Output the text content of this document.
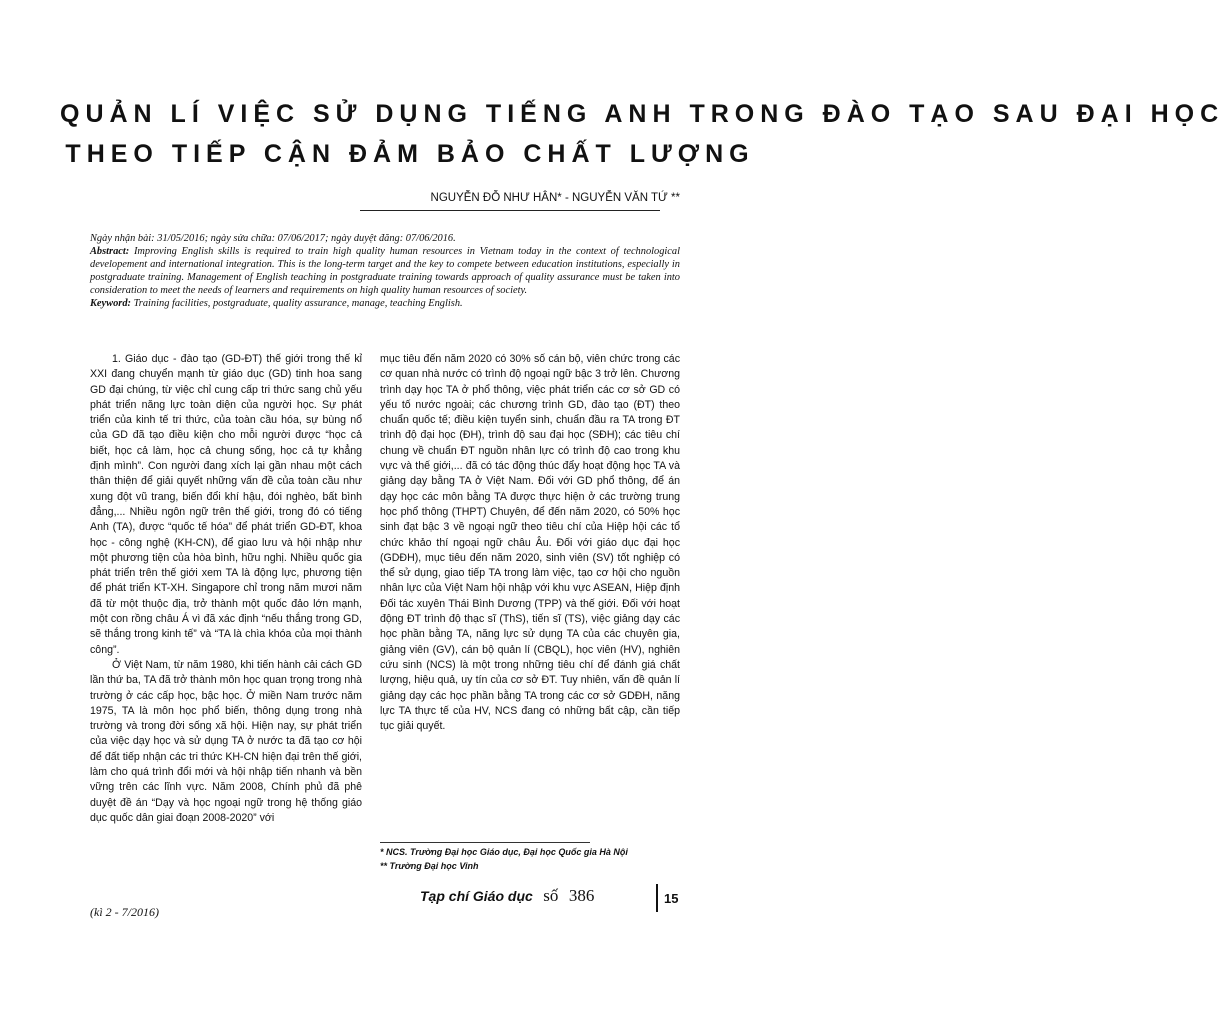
QUẢN LÍ VIỆC SỬ DỤNG TIẾNG ANH TRONG ĐÀO TẠO SAU ĐẠI HỌC
THEO TIẾP CẬN ĐẢM BẢO CHẤT LƯỢNG
NGUYỄN ĐỖ NHƯ HÂN* - NGUYỄN VĂN TỨ **

Ngày nhận bài: 31/05/2016; ngày sửa chữa: 07/06/2017; ngày duyệt đăng: 07/06/2016.

Abstract: Improving English skills is required to train high quality human resources in Vietnam today in the context of technological developement and international integration. This is the long-term target and the key to compete between education institutions, especially in postgraduate training. Management of English teaching in postgraduate training towards approach of quality assurance must be taken into consideration to meet the needs of learners and requirements on high quality human resources of society.

Keyword: Training facilities, postgraduate, quality assurance, manage, teaching English.

1. Giáo dục - đào tạo (GD-ĐT) thế giới trong thế kỉ XXI đang chuyển mạnh từ giáo dục (GD) tinh hoa sang GD đại chúng, từ việc chỉ cung cấp tri thức sang chủ yếu phát triển năng lực toàn diện của người học. Sự phát triển của kinh tế tri thức, của toàn cầu hóa, sự bùng nổ của GD đã tạo điều kiện cho mỗi người được “học cả biết, học cả làm, học cả chung sống, học cả tự khẳng định mình”. Con người đang xích lại gần nhau một cách thân thiện để giải quyết những vấn đề của toàn cầu như xung đột vũ trang, biến đổi khí hậu, đói nghèo, bất bình đẳng,... Nhiều ngôn ngữ trên thế giới, trong đó có tiếng Anh (TA), được “quốc tế hóa” để phát triển GD-ĐT, khoa học - công nghệ (KH-CN), để giao lưu và hội nhập như một phương tiện của hòa bình, hữu nghị. Nhiều quốc gia phát triển trên thế giới xem TA là động lực, phương tiện để phát triển KT-XH. Singapore chỉ trong năm mươi năm đã từ một thuộc địa, trở thành một quốc đảo lớn mạnh, một con rồng châu Á vì đã xác định “nếu thắng trong GD, sẽ thắng trong kinh tế” và “TA là chìa khóa của mọi thành công”.

Ở Việt Nam, từ năm 1980, khi tiến hành cải cách GD lần thứ ba, TA đã trở thành môn học quan trọng trong nhà trường ở các cấp học, bậc học. Ở miền Nam trước năm 1975, TA là môn học phổ biến, thông dụng trong nhà trường và trong đời sống xã hội. Hiện nay, sự phát triển của việc dạy học và sử dụng TA ở nước ta đã tạo cơ hội để đất tiếp nhận các tri thức KH-CN hiện đại trên thế giới, làm cho quá trình đổi mới và hội nhập tiến nhanh và bền vững trên các lĩnh vực. Năm 2008, Chính phủ đã phê duyệt đề án “Dạy và học ngoại ngữ trong hệ thống giáo dục quốc dân giai đoạn 2008-2020” với

mục tiêu đến năm 2020 có 30% số cán bộ, viên chức trong các cơ quan nhà nước có trình độ ngoại ngữ bậc 3 trở lên. Chương trình dạy học TA ở phổ thông, việc phát triển các cơ sở GD có yếu tố nước ngoài; các chương trình GD, đào tạo (ĐT) theo chuẩn quốc tế; điều kiện tuyển sinh, chuẩn đầu ra TA trong ĐT trình độ đại học (ĐH), trình độ sau đại học (SĐH); các tiêu chí chung về chuẩn ĐT nguồn nhân lực có trình độ cao trong khu vực và thế giới,... đã có tác động thúc đẩy hoạt động học TA và giảng dạy bằng TA ở Việt Nam. Đối với GD phổ thông, để án dạy học các môn bằng TA được thực hiện ở các trường trung học phổ thông (THPT) Chuyên, để đến năm 2020, có 50% học sinh đạt bậc 3 về ngoại ngữ theo tiêu chí của Hiệp hội các tổ chức khảo thí ngoại ngữ châu Âu. Đối với giáo dục đại học (GDĐH), mục tiêu đến năm 2020, sinh viên (SV) tốt nghiệp có thể sử dụng, giao tiếp TA trong làm việc, tạo cơ hội cho nguồn nhân lực của Việt Nam hội nhập với khu vực ASEAN, Hiệp định Đối tác xuyên Thái Bình Dương (TPP) và thế giới. Đối với hoạt động ĐT trình độ thạc sĩ (ThS), tiến sĩ (TS), việc giảng dạy các học phần bằng TA, năng lực sử dụng TA của các chuyên gia, giảng viên (GV), cán bộ quản lí (CBQL), học viên (HV), nghiên cứu sinh (NCS) là một trong những tiêu chí để đánh giá chất lượng, hiệu quả, uy tín của cơ sở ĐT. Tuy nhiên, vấn đề quản lí giảng dạy các học phần bằng TA trong các cơ sở GDĐH, năng lực TA thực tế của HV, NCS đang có những bất cập, cần tiếp tục giải quyết.

* NCS. Trường Đại học Giáo dục, Đại học Quốc gia Hà Nội
** Trường Đại học Vinh
(kì 2 - 7/2016)
Tạp chí Giáo dục số 386	15
